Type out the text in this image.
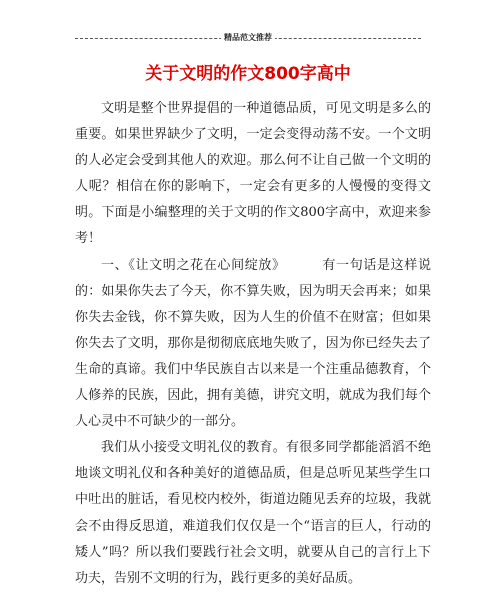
精品范文推荐
关于文明的作文800字高中

文明是整个世界提倡的一种道德品质，可见文明是多么的重要。如果世界缺少了文明，一定会变得动荡不安。一个文明的人必定会受到其他人的欢迎。那么何不让自己做一个文明的人呢？相信在你的影响下，一定会有更多的人慢慢的变得文明。下面是小编整理的关于文明的作文800字高中，欢迎来参考！

一、《让文明之花在心间绽放》	有一句话是这样说的：如果你失去了今天，你不算失败，因为明天会再来；如果你失去金钱，你不算失败，因为人生的价值不在财富；但如果你失去了文明，那你是彻彻底底地失败了，因为你已经失去了生命的真谛。我们中华民族自古以来是一个注重品德教育，个人修养的民族，因此，拥有美德，讲究文明，就成为我们每个人心灵中不可缺少的一部分。

我们从小接受文明礼仪的教育。有很多同学都能滔滔不绝地谈文明礼仪和各种美好的道德品质，但是总听见某些学生口中吐出的脏话，看见校内校外，街道边随见丢弃的垃圾，我就会不由得反思道，难道我们仅仅是一个“语言的巨人，行动的矮人”吗？所以我们要践行社会文明，就要从自己的言行上下功夫，告别不文明的行为，践行更多的美好品质。
